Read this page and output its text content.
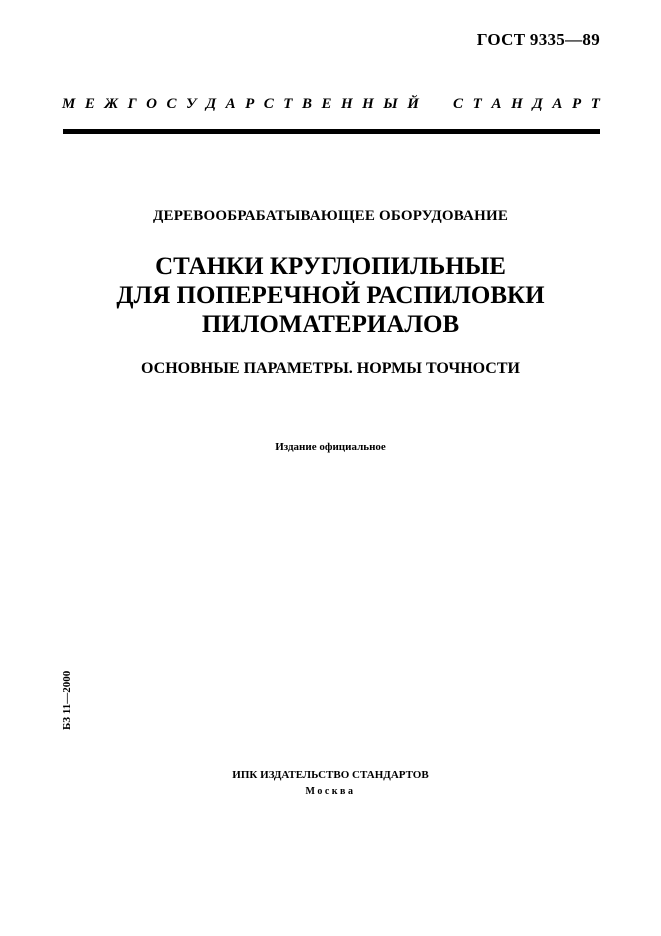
ГОСТ 9335—89
М Е Ж Г О С У Д А Р С Т В Е Н Н Ы Й С Т А Н Д А Р Т
ДЕРЕВООБРАБАТЫВАЮЩЕЕ ОБОРУДОВАНИЕ
СТАНКИ КРУГЛОПИЛЬНЫЕ
ДЛЯ ПОПЕРЕЧНОЙ РАСПИЛОВКИ
ПИЛОМАТЕРИАЛОВ
ОСНОВНЫЕ ПАРАМЕТРЫ. НОРМЫ ТОЧНОСТИ
Издание официальное
БЗ 11—2000
ИПК ИЗДАТЕЛЬСТВО СТАНДАРТОВ
Москва
